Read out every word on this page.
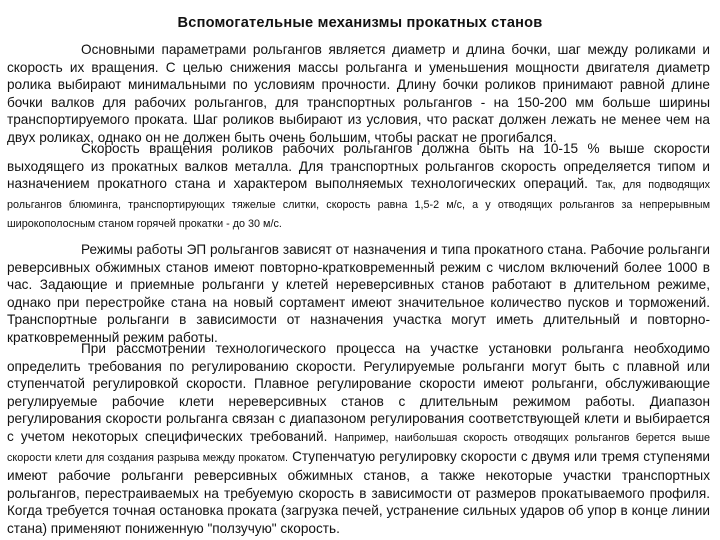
Вспомогательные механизмы прокатных станов

Основными параметрами рольгангов является диаметр и длина бочки, шаг между роликами и скорость их вращения. С целью снижения массы рольганга и уменьшения мощности двигателя диаметр ролика выбирают минимальными по условиям прочности. Длину бочки роликов принимают равной длине бочки валков для рабочих рольгангов, для транспортных рольгангов - на 150-200 мм больше ширины транспортируемого проката. Шаг роликов выбирают из условия, что раскат должен лежать не менее чем на двух роликах, однако он не должен быть очень большим, чтобы раскат не прогибался.

Скорость вращения роликов рабочих рольгангов должна быть на 10-15 % выше скорости выходящего из прокатных валков металла. Для транспортных рольгангов скорость определяется типом и назначением прокатного стана и характером выполняемых технологических операций. Так, для подводящих рольгангов блюминга, транспортирующих тяжелые слитки, скорость равна 1,5-2 м/с, а у отводящих рольгангов за непрерывным широкополосным станом горячей прокатки - до 30 м/с.

Режимы работы ЭП рольгангов зависят от назначения и типа прокатного стана. Рабочие рольганги реверсивных обжимных станов имеют повторно-кратковременный режим с числом включений более 1000 в час. Задающие и приемные рольганги у клетей нереверсивных станов работают в длительном режиме, однако при перестройке стана на новый сортамент имеют значительное количество пусков и торможений. Транспортные рольганги в зависимости от назначения участка могут иметь длительный и повторно-кратковременный режим работы.

При рассмотрении технологического процесса на участке установки рольганга необходимо определить требования по регулированию скорости. Регулируемые рольганги могут быть с плавной или ступенчатой регулировкой скорости. Плавное регулирование скорости имеют рольганги, обслуживающие регулируемые рабочие клети нереверсивных станов с длительным режимом работы. Диапазон регулирования скорости рольганга связан с диапазоном регулирования соответствующей клети и выбирается с учетом некоторых специфических требований. Например, наибольшая скорость отводящих рольгангов берется выше скорости клети для создания разрыва между прокатом. Ступенчатую регулировку скорости с двумя или тремя ступенями имеют рабочие рольганги реверсивных обжимных станов, а также некоторые участки транспортных рольгангов, перестраиваемых на требуемую скорость в зависимости от размеров прокатываемого профиля. Когда требуется точная остановка проката (загрузка печей, устранение сильных ударов об упор в конце линии стана) применяют пониженную "ползучую" скорость.
